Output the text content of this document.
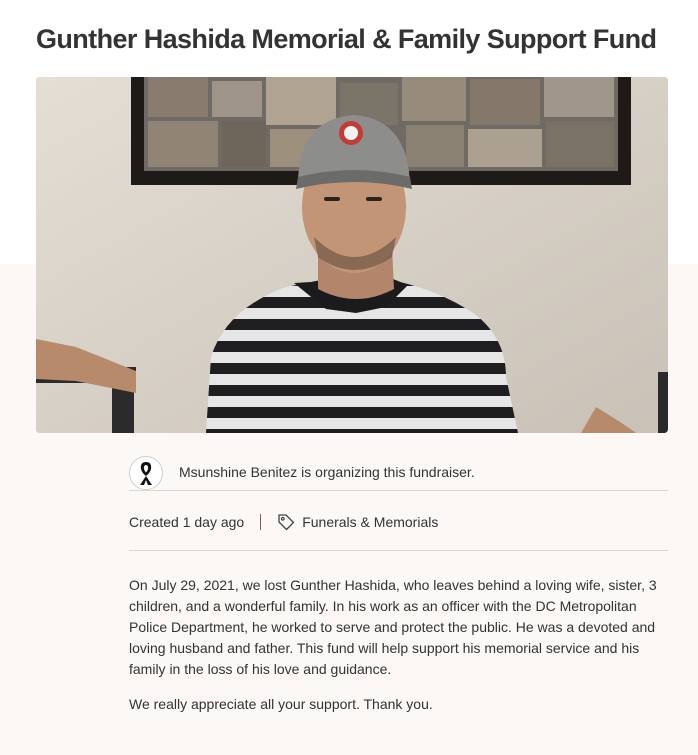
Gunther Hashida Memorial & Family Support Fund
Msunshine Benitez is organizing this fundraiser.
Created 1 day ago	Funerals & Memorials

On July 29, 2021, we lost Gunther Hashida, who leaves behind a loving wife, sister, 3 children, and a wonderful family. In his work as an officer with the DC Metropolitan Police Department, he worked to serve and protect the public. He was a devoted and loving husband and father. This fund will help support his memorial service and his family in the loss of his love and guidance.

We really appreciate all your support. Thank you.
